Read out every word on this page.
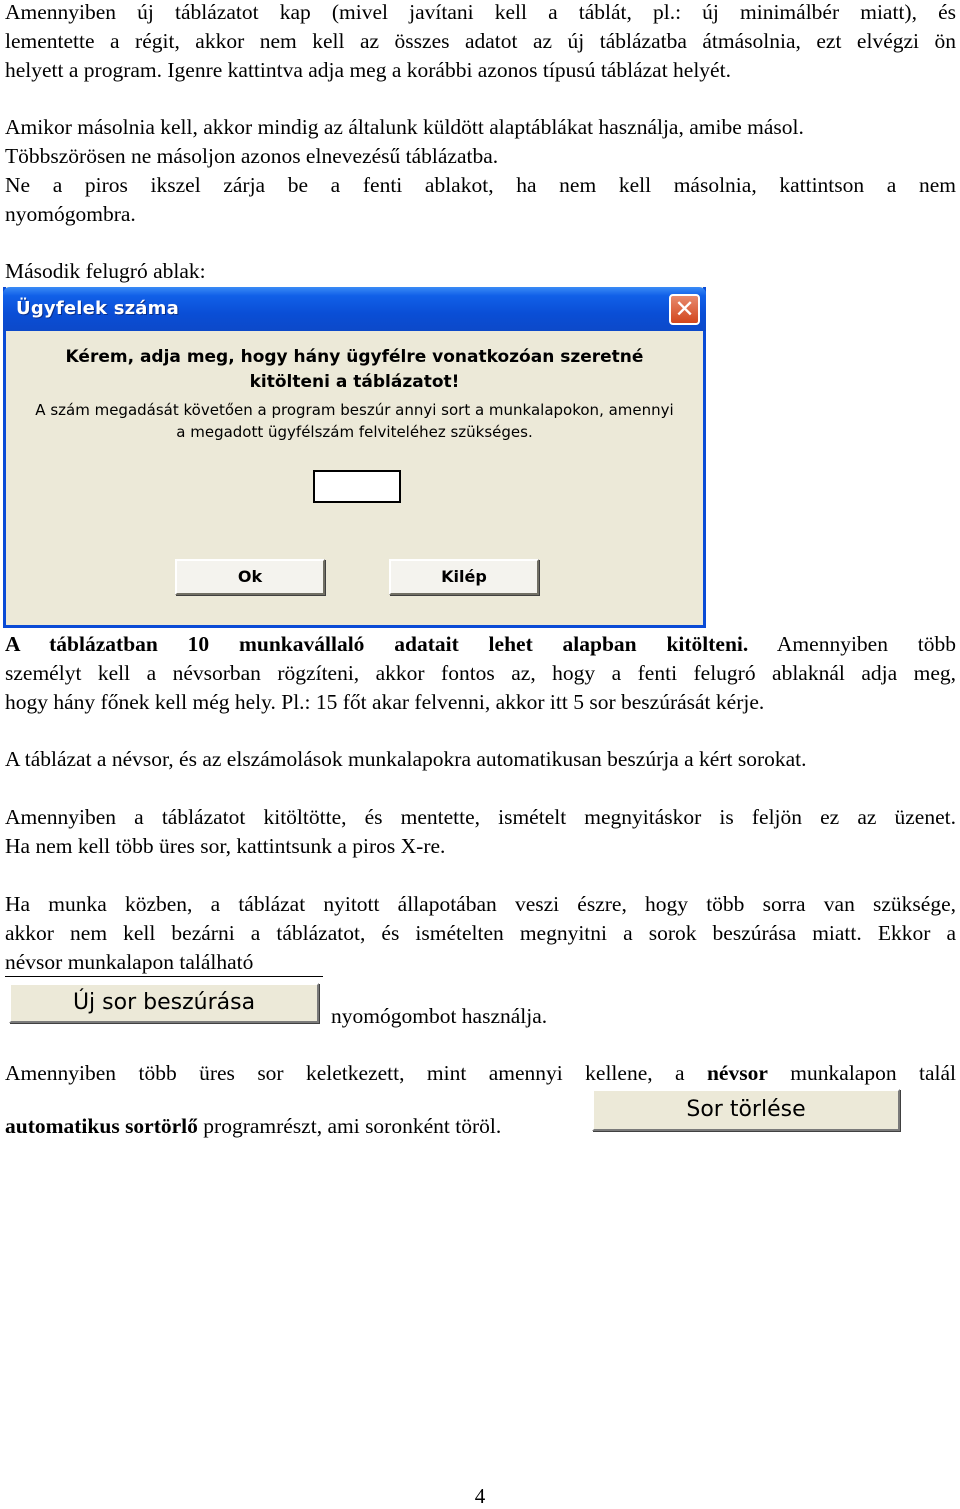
Amennyiben új táblázatot kap (mivel javítani kell a táblát, pl.: új minimálbér miatt), és
lementette a régit, akkor nem kell az összes adatot az új táblázatba átmásolnia, ezt elvégzi ön
helyett a program. Igenre kattintva adja meg a korábbi azonos típusú táblázat helyét.
Amikor másolnia kell, akkor mindig az általunk küldött alaptáblákat használja, amibe másol.
Többszörösen ne másoljon azonos elnevezésű táblázatba.
Ne a piros ikszel zárja be a fenti ablakot, ha nem kell másolnia, kattintson a nem
nyomógombra.
Második felugró ablak:
Ügyfelek száma	✕
Kérem, adja meg, hogy hány ügyfélre vonatkozóan szeretné
kitölteni a táblázatot!
A szám megadását követően a program beszúr annyi sort a munkalapokon, amennyi
a megadott ügyfélszám felviteléhez szükséges.
Ok	Kilép
A táblázatban 10 munkavállaló adatait lehet alapban kitölteni. Amennyiben több
személyt kell a névsorban rögzíteni, akkor fontos az, hogy a fenti felugró ablaknál adja meg,
hogy hány főnek kell még hely. Pl.: 15 főt akar felvenni, akkor itt 5 sor beszúrását kérje.
A táblázat a névsor, és az elszámolások munkalapokra automatikusan beszúrja a kért sorokat.
Amennyiben a táblázatot kitöltötte, és mentette, ismételt megnyitáskor is feljön ez az üzenet.
Ha nem kell több üres sor, kattintsunk a piros X-re.
Ha munka közben, a táblázat nyitott állapotában veszi észre, hogy több sorra van szüksége,
akkor nem kell bezárni a táblázatot, és ismételten megnyitni a sorok beszúrása miatt. Ekkor a
névsor munkalapon található
Új sor beszúrása
nyomógombot használja.
Amennyiben több üres sor keletkezett, mint amennyi kellene, a névsor munkalapon talál
automatikus sortörlő programrészt, ami soronként töröl.
Sor törlése
4
